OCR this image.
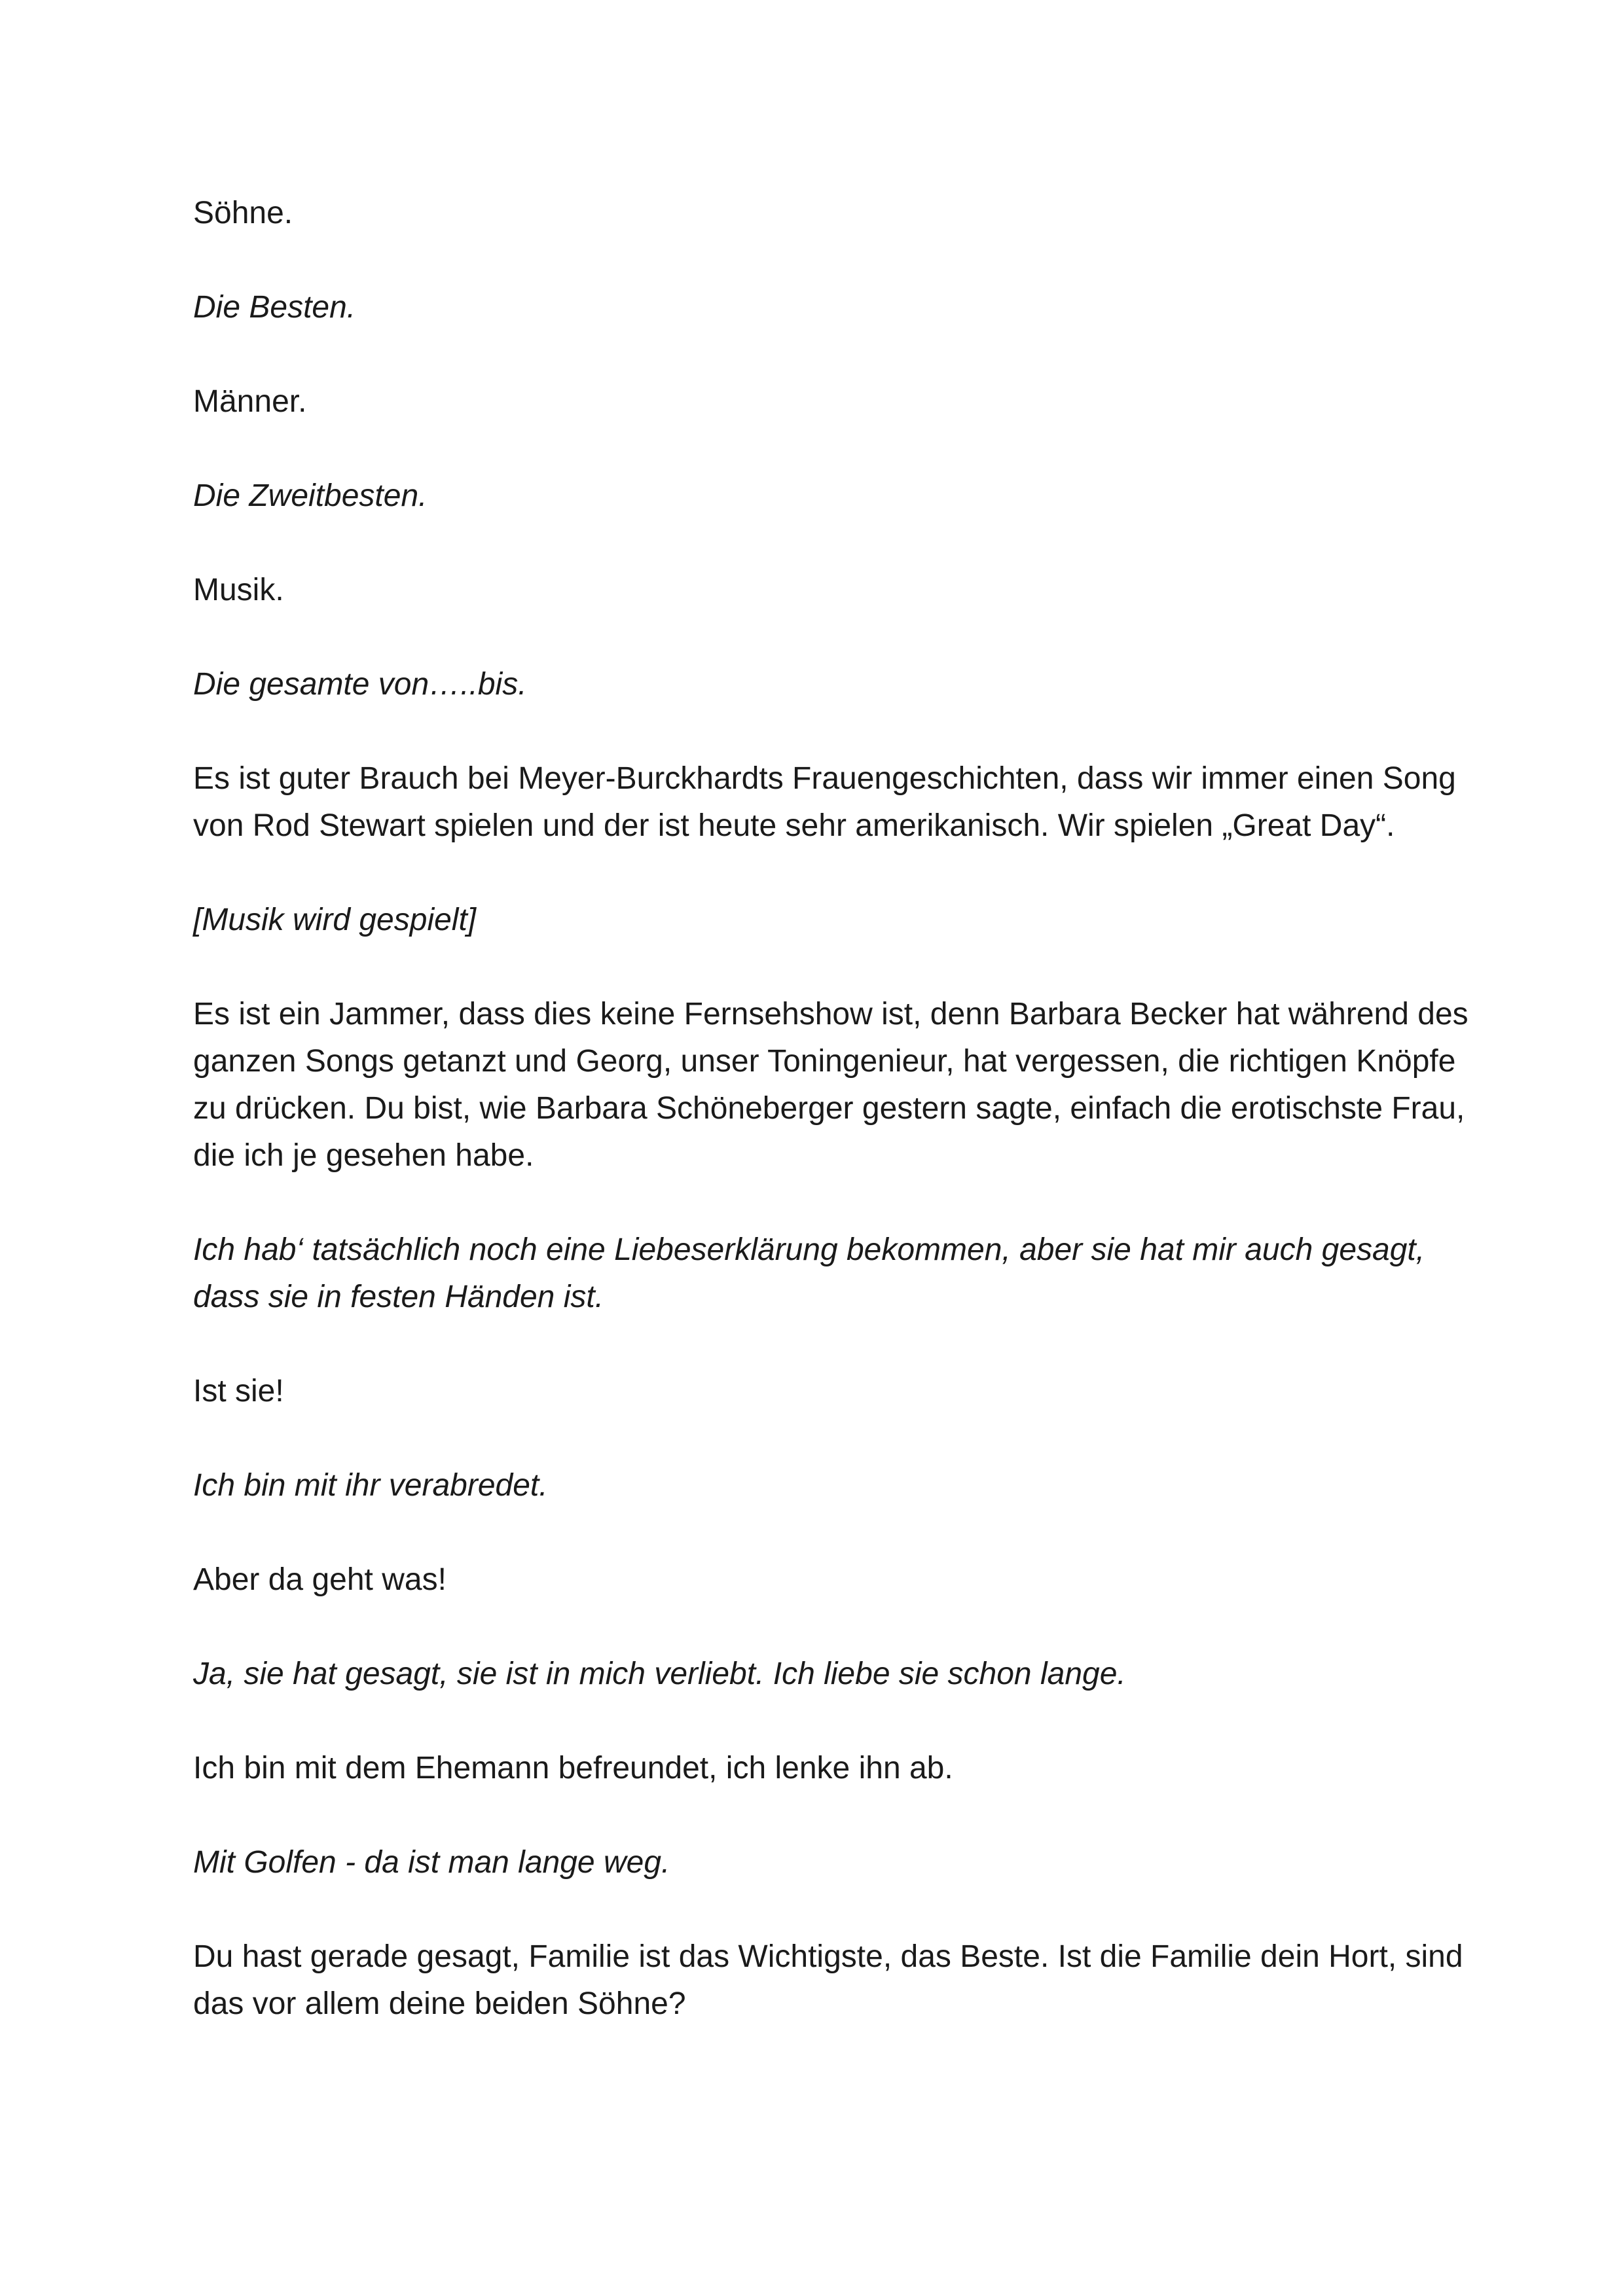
Söhne.

Die Besten.

Männer.

Die Zweitbesten.

Musik.

Die gesamte von…..bis.

Es ist guter Brauch bei Meyer-Burckhardts Frauengeschichten, dass wir immer einen Song von Rod Stewart spielen und der ist heute sehr amerikanisch. Wir spielen „Great Day“.

[Musik wird gespielt]

Es ist ein Jammer, dass dies keine Fernsehshow ist, denn Barbara Becker hat während des ganzen Songs getanzt und Georg, unser Toningenieur, hat vergessen, die richtigen Knöpfe zu drücken. Du bist, wie Barbara Schöneberger gestern sagte, einfach die erotischste Frau, die ich je gesehen habe.

Ich hab‘ tatsächlich noch eine Liebeserklärung bekommen, aber sie hat mir auch gesagt, dass sie in festen Händen ist.

Ist sie!

Ich bin mit ihr verabredet.

Aber da geht was!

Ja, sie hat gesagt, sie ist in mich verliebt. Ich liebe sie schon lange.

Ich bin mit dem Ehemann befreundet, ich lenke ihn ab.

Mit Golfen - da ist man lange weg.

Du hast gerade gesagt, Familie ist das Wichtigste, das Beste. Ist die Familie dein Hort, sind das vor allem deine beiden Söhne?
